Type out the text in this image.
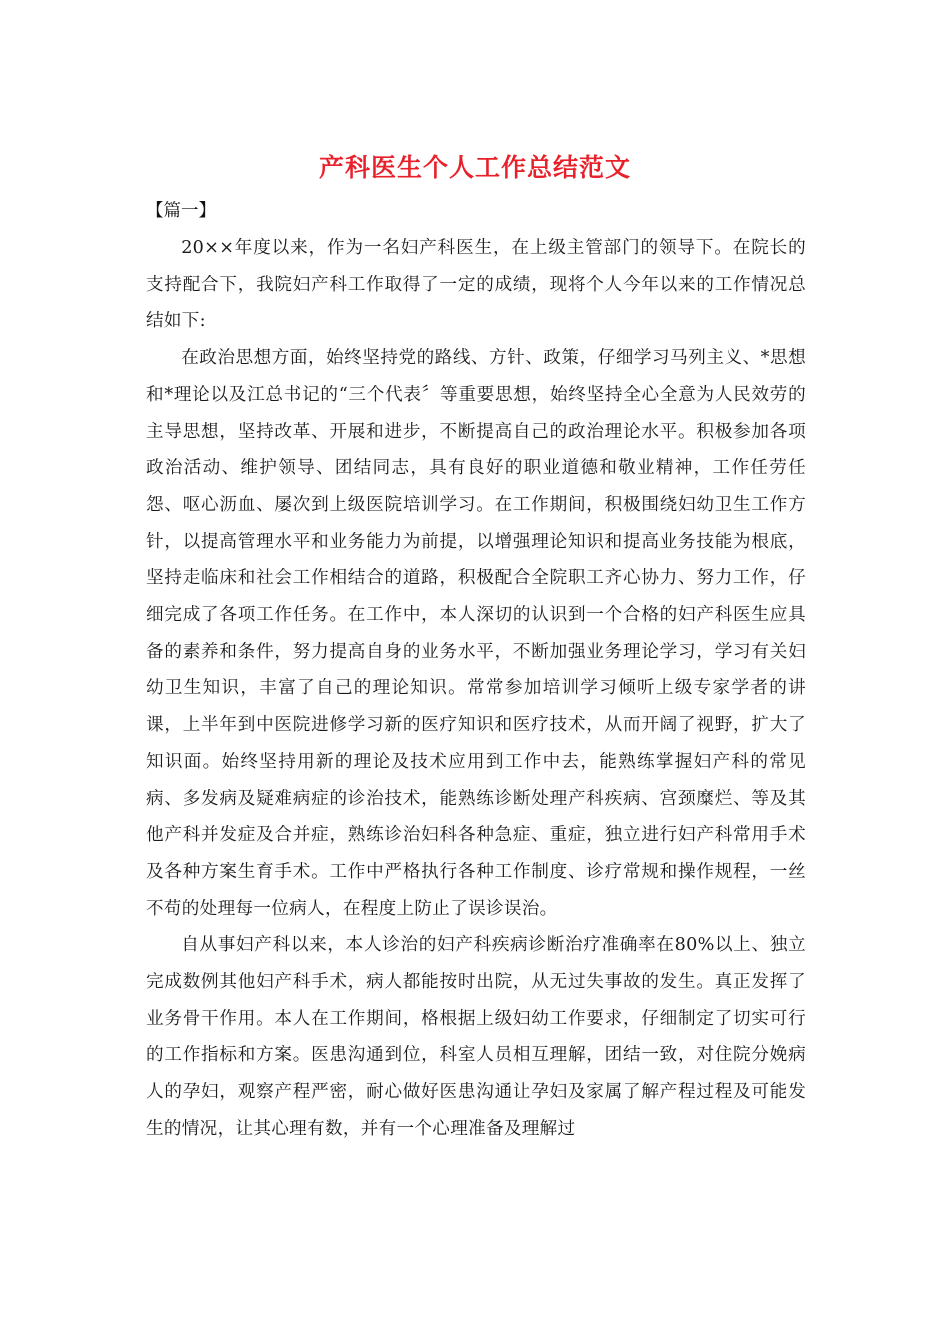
产科医生个人工作总结范文
【篇一】

20××年度以来，作为一名妇产科医生，在上级主管部门的领导下。在院长的支持配合下，我院妇产科工作取得了一定的成绩，现将个人今年以来的工作情况总结如下:

在政治思想方面，始终坚持党的路线、方针、政策，仔细学习马列主义、*思想和*理论以及江总书记的“三个代表〞等重要思想，始终坚持全心全意为人民效劳的主导思想，坚持改革、开展和进步，不断提高自己的政治理论水平。积极参加各项政治活动、维护领导、团结同志，具有良好的职业道德和敬业精神，工作任劳任怨、呕心沥血、屡次到上级医院培训学习。在工作期间，积极围绕妇幼卫生工作方针，以提高管理水平和业务能力为前提，以增强理论知识和提高业务技能为根底，坚持走临床和社会工作相结合的道路，积极配合全院职工齐心协力、努力工作，仔细完成了各项工作任务。在工作中，本人深切的认识到一个合格的妇产科医生应具备的素养和条件，努力提高自身的业务水平，不断加强业务理论学习，学习有关妇幼卫生知识，丰富了自己的理论知识。常常参加培训学习倾听上级专家学者的讲课，上半年到中医院进修学习新的医疗知识和医疗技术，从而开阔了视野，扩大了知识面。始终坚持用新的理论及技术应用到工作中去，能熟练掌握妇产科的常见病、多发病及疑难病症的诊治技术，能熟练诊断处理产科疾病、宫颈糜烂、等及其他产科并发症及合并症，熟练诊治妇科各种急症、重症，独立进行妇产科常用手术及各种方案生育手术。工作中严格执行各种工作制度、诊疗常规和操作规程，一丝不苟的处理每一位病人，在程度上防止了误诊误治。

自从事妇产科以来，本人诊治的妇产科疾病诊断治疗准确率在80%以上、独立完成数例其他妇产科手术，病人都能按时出院，从无过失事故的发生。真正发挥了业务骨干作用。本人在工作期间，格根据上级妇幼工作要求，仔细制定了切实可行的工作指标和方案。医患沟通到位，科室人员相互理解，团结一致，对住院分娩病人的孕妇，观察产程严密，耐心做好医患沟通让孕妇及家属了解产程过程及可能发生的情况，让其心理有数，并有一个心理准备及理解过
